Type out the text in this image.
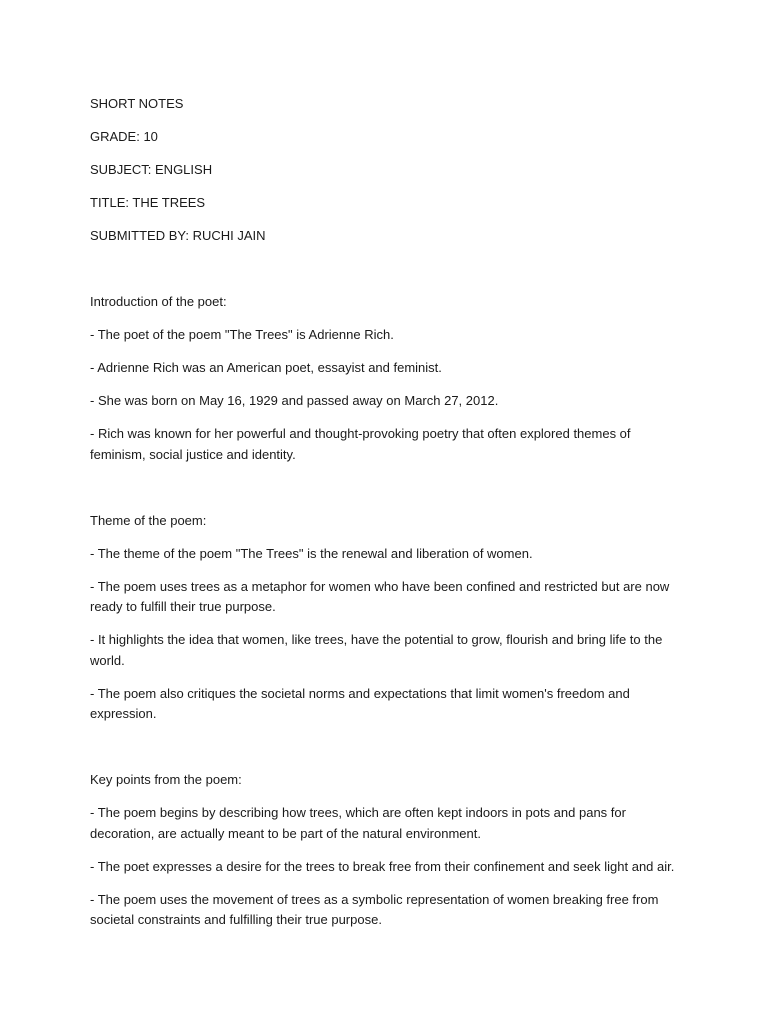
SHORT NOTES

GRADE: 10

SUBJECT: ENGLISH

TITLE: THE TREES

SUBMITTED BY: RUCHI JAIN

Introduction of the poet:

- The poet of the poem "The Trees" is Adrienne Rich.

- Adrienne Rich was an American poet, essayist and feminist.

- She was born on May 16, 1929 and passed away on March 27, 2012.

- Rich was known for her powerful and thought-provoking poetry that often explored themes of feminism, social justice and identity.

Theme of the poem:

- The theme of the poem "The Trees" is the renewal and liberation of women.

- The poem uses trees as a metaphor for women who have been confined and restricted but are now ready to fulfill their true purpose.

- It highlights the idea that women, like trees, have the potential to grow, flourish and bring life to the world.

- The poem also critiques the societal norms and expectations that limit women's freedom and expression.

Key points from the poem:

- The poem begins by describing how trees, which are often kept indoors in pots and pans for decoration, are actually meant to be part of the natural environment.

- The poet expresses a desire for the trees to break free from their confinement and seek light and air.

- The poem uses the movement of trees as a symbolic representation of women breaking free from societal constraints and fulfilling their true purpose.
